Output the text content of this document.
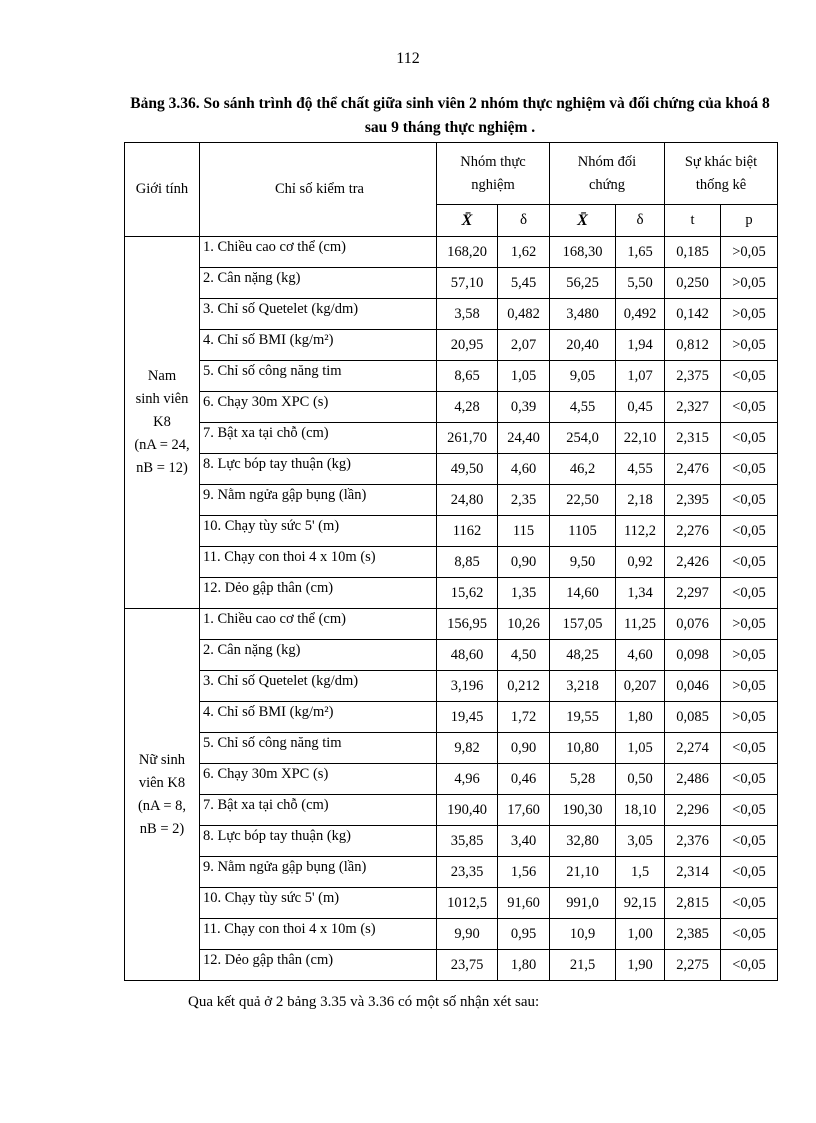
112
Bảng 3.36. So sánh trình độ thể chất giữa sinh viên 2 nhóm thực nghiệm và đối chứng của khoá 8 sau 9 tháng thực nghiệm .
Giới tính	Chỉ số kiểm tra	Nhóm thực nghiệm		Nhóm đối chứng		Sự khác biệt thống kê	
		X̄	δ	X̄	δ	t	p

Nam
sinh viên
K8
(nA = 24,
nB = 12)	1. Chiều cao cơ thể (cm)	168,20	1,62	168,30	1,65	0,185	>0,05
	2. Cân nặng (kg)	57,10	5,45	56,25	5,50	0,250	>0,05
	3. Chỉ số Quetelet (kg/dm)	3,58	0,482	3,480	0,492	0,142	>0,05
	4. Chỉ số BMI (kg/m²)	20,95	2,07	20,40	1,94	0,812	>0,05
	5. Chỉ số công năng tim	8,65	1,05	9,05	1,07	2,375	<0,05
	6. Chạy 30m XPC (s)	4,28	0,39	4,55	0,45	2,327	<0,05
	7. Bật xa tại chỗ (cm)	261,70	24,40	254,0	22,10	2,315	<0,05
	8. Lực bóp tay thuận (kg)	49,50	4,60	46,2	4,55	2,476	<0,05
	9. Nằm ngửa gập bụng (lần)	24,80	2,35	22,50	2,18	2,395	<0,05
	10. Chạy tùy sức 5' (m)	1162	115	1105	112,2	2,276	<0,05
	11. Chạy con thoi 4 x 10m (s)	8,85	0,90	9,50	0,92	2,426	<0,05
	12. Dẻo gập thân (cm)	15,62	1,35	14,60	1,34	2,297	<0,05

Nữ sinh
viên K8
(nA = 8,
nB = 2)	1. Chiều cao cơ thể (cm)	156,95	10,26	157,05	11,25	0,076	>0,05
	2. Cân nặng (kg)	48,60	4,50	48,25	4,60	0,098	>0,05
	3. Chỉ số Quetelet (kg/dm)	3,196	0,212	3,218	0,207	0,046	>0,05
	4. Chỉ số BMI (kg/m²)	19,45	1,72	19,55	1,80	0,085	>0,05
	5. Chỉ số công năng tim	9,82	0,90	10,80	1,05	2,274	<0,05
	6. Chạy 30m XPC (s)	4,96	0,46	5,28	0,50	2,486	<0,05
	7. Bật xa tại chỗ (cm)	190,40	17,60	190,30	18,10	2,296	<0,05
	8. Lực bóp tay thuận (kg)	35,85	3,40	32,80	3,05	2,376	<0,05
	9. Nằm ngửa gập bụng (lần)	23,35	1,56	21,10	1,5	2,314	<0,05
	10. Chạy tùy sức 5' (m)	1012,5	91,60	991,0	92,15	2,815	<0,05
	11. Chạy con thoi 4 x 10m (s)	9,90	0,95	10,9	1,00	2,385	<0,05
	12. Dẻo gập thân (cm)	23,75	1,80	21,5	1,90	2,275	<0,05
Qua kết quả ở 2 bảng 3.35 và 3.36 có một số nhận xét sau:
